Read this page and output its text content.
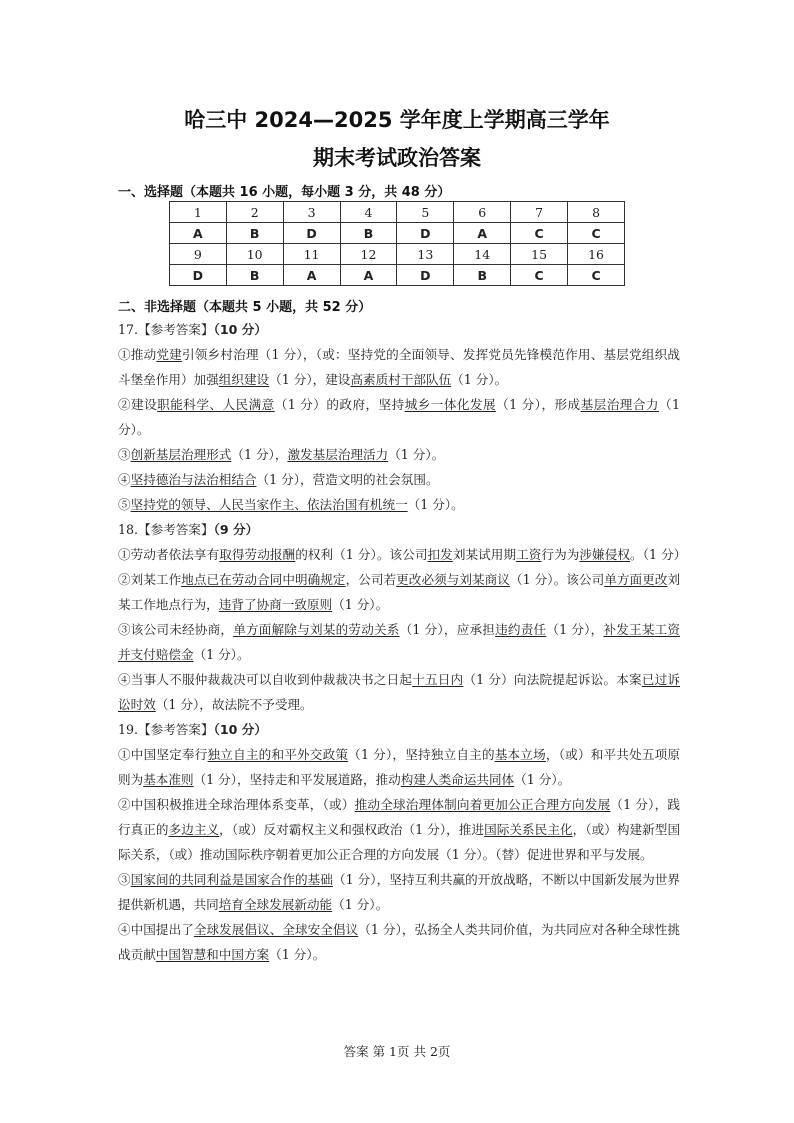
哈三中 2024—2025 学年度上学期高三学年
期末考试政治答案
一、选择题（本题共 16 小题，每小题 3 分，共 48 分）
1	2	3	4	5	6	7	8
A	B	D	B	D	A	C	C
9	10	11	12	13	14	15	16
D	B	A	A	D	B	C	C
二、非选择题（本题共 5 小题，共 52 分）

17.【参考答案】（10 分）

①推动党建引领乡村治理（1 分），（或：坚持党的全面领导、发挥党员先锋模范作用、基层党组织战斗堡垒作用）加强组织建设（1 分），建设高素质村干部队伍（1 分）。

②建设职能科学、人民满意（1 分）的政府，坚持城乡一体化发展（1 分），形成基层治理合力（1 分）。

③创新基层治理形式（1 分），激发基层治理活力（1 分）。

④坚持德治与法治相结合（1 分），营造文明的社会氛围。

⑤坚持党的领导、人民当家作主、依法治国有机统一（1 分）。

18.【参考答案】（9 分）

①劳动者依法享有取得劳动报酬的权利（1 分）。该公司扣发刘某试用期工资行为为涉嫌侵权。（1 分）②刘某工作地点已在劳动合同中明确规定，公司若更改必须与刘某商议（1 分）。该公司单方面更改刘某工作地点行为，违背了协商一致原则（1 分）。

③该公司未经协商，单方面解除与刘某的劳动关系（1 分），应承担违约责任（1 分），补发王某工资并支付赔偿金（1 分）。

④当事人不服仲裁裁决可以自收到仲裁裁决书之日起十五日内（1 分）向法院提起诉讼。本案已过诉讼时效（1 分），故法院不予受理。

19.【参考答案】（10 分）

①中国坚定奉行独立自主的和平外交政策（1 分），坚持独立自主的基本立场，（或）和平共处五项原则为基本准则（1 分），坚持走和平发展道路，推动构建人类命运共同体（1 分）。

②中国积极推进全球治理体系变革，（或）推动全球治理体制向着更加公正合理方向发展（1 分），践行真正的多边主义，（或）反对霸权主义和强权政治（1 分），推进国际关系民主化，（或）构建新型国际关系，（或）推动国际秩序朝着更加公正合理的方向发展（1 分）。（替）促进世界和平与发展。

③国家间的共同利益是国家合作的基础（1 分），坚持互利共赢的开放战略，不断以中国新发展为世界提供新机遇，共同培育全球发展新动能（1 分）。

④中国提出了全球发展倡议、全球安全倡议（1 分），弘扬全人类共同价值，为共同应对各种全球性挑战贡献中国智慧和中国方案（1 分）。

答案 第 1页 共 2页
